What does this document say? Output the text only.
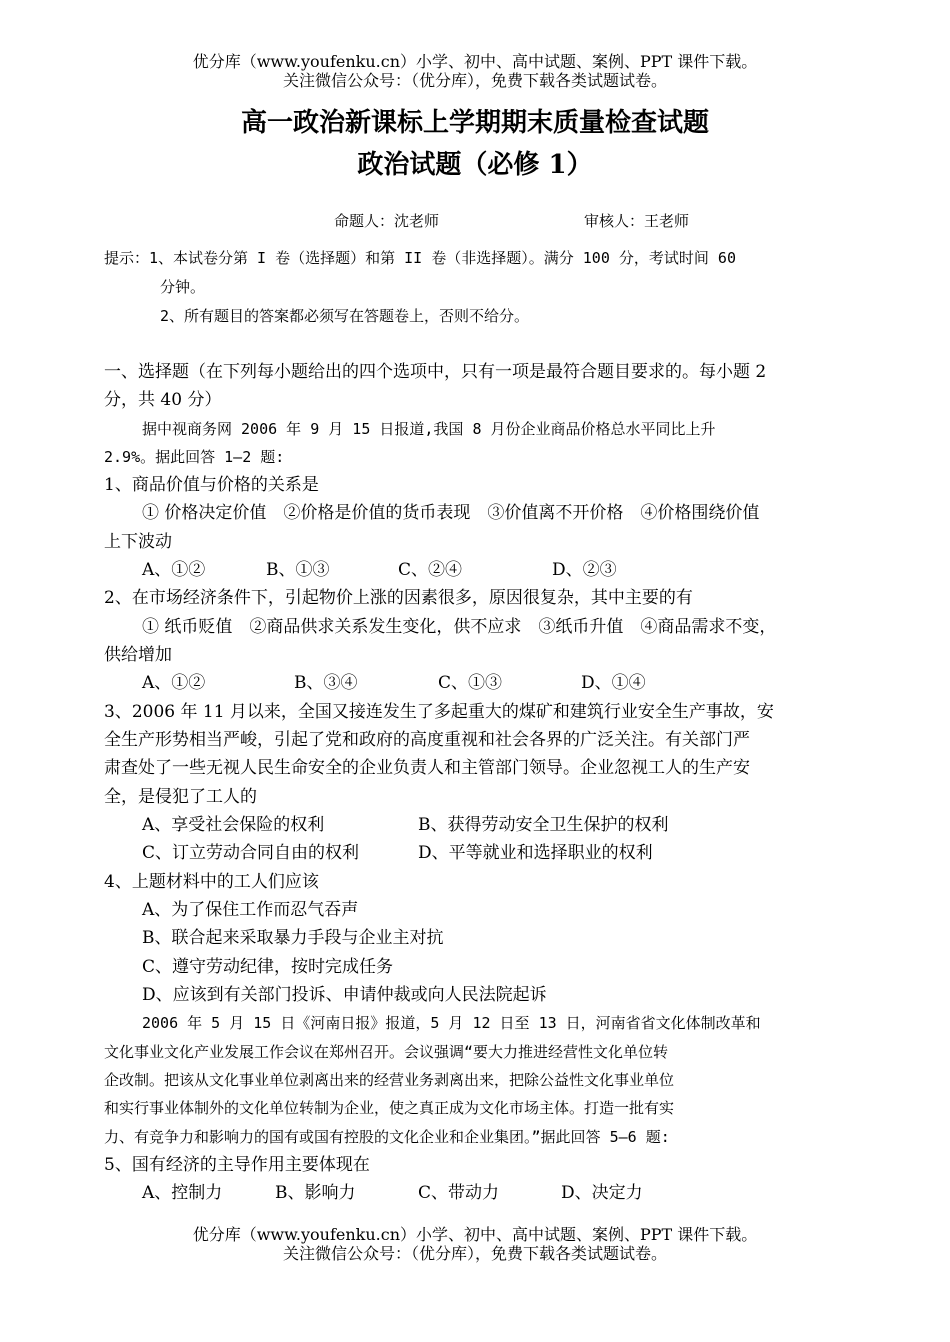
优分库（www.youfenku.cn）小学、初中、高中试题、案例、PPT 课件下载。
关注微信公众号：（优分库），免费下载各类试题试卷。
高一政治新课标上学期期末质量检查试题
政治试题（必修 1）
命题人：沈老师	审核人：王老师
提示：1、本试卷分第 I 卷（选择题）和第 II 卷（非选择题）。满分 100 分，考试时间 60
分钟。
2、所有题目的答案都必须写在答题卷上，否则不给分。
一、选择题（在下列每小题给出的四个选项中，只有一项是最符合题目要求的。每小题 2
分，共 40 分）
据中视商务网 2006 年 9 月 15 日报道,我国 8 月份企业商品价格总水平同比上升
2.9%。据此回答 1—2 题:
1、商品价值与价格的关系是
① 价格决定价值　②价格是价值的货币表现　③价值离不开价格　④价格围绕价值
上下波动
A、①②	B、①③	C、②④	D、②③
2、在市场经济条件下，引起物价上涨的因素很多，原因很复杂，其中主要的有
① 纸币贬值　②商品供求关系发生变化，供不应求　③纸币升值　④商品需求不变，
供给增加
A、①②	B、③④	C、①③	D、①④
3、2006 年 11 月以来，全国又接连发生了多起重大的煤矿和建筑行业安全生产事故，安
全生产形势相当严峻，引起了党和政府的高度重视和社会各界的广泛关注。有关部门严
肃查处了一些无视人民生命安全的企业负责人和主管部门领导。企业忽视工人的生产安
全，是侵犯了工人的
A、享受社会保险的权利	B、获得劳动安全卫生保护的权利
C、订立劳动合同自由的权利	D、平等就业和选择职业的权利
4、上题材料中的工人们应该
A、为了保住工作而忍气吞声
B、联合起来采取暴力手段与企业主对抗
C、遵守劳动纪律，按时完成任务
D、应该到有关部门投诉、申请仲裁或向人民法院起诉
2006 年 5 月 15 日《河南日报》报道，5 月 12 日至 13 日，河南省省文化体制改革和
文化事业文化产业发展工作会议在郑州召开。会议强调“要大力推进经营性文化单位转
企改制。把该从文化事业单位剥离出来的经营业务剥离出来，把除公益性文化事业单位
和实行事业体制外的文化单位转制为企业，使之真正成为文化市场主体。打造一批有实
力、有竞争力和影响力的国有或国有控股的文化企业和企业集团。”据此回答 5—6 题:
5、国有经济的主导作用主要体现在
A、控制力	B、影响力	C、带动力	D、决定力
优分库（www.youfenku.cn）小学、初中、高中试题、案例、PPT 课件下载。
关注微信公众号：（优分库），免费下载各类试题试卷。
